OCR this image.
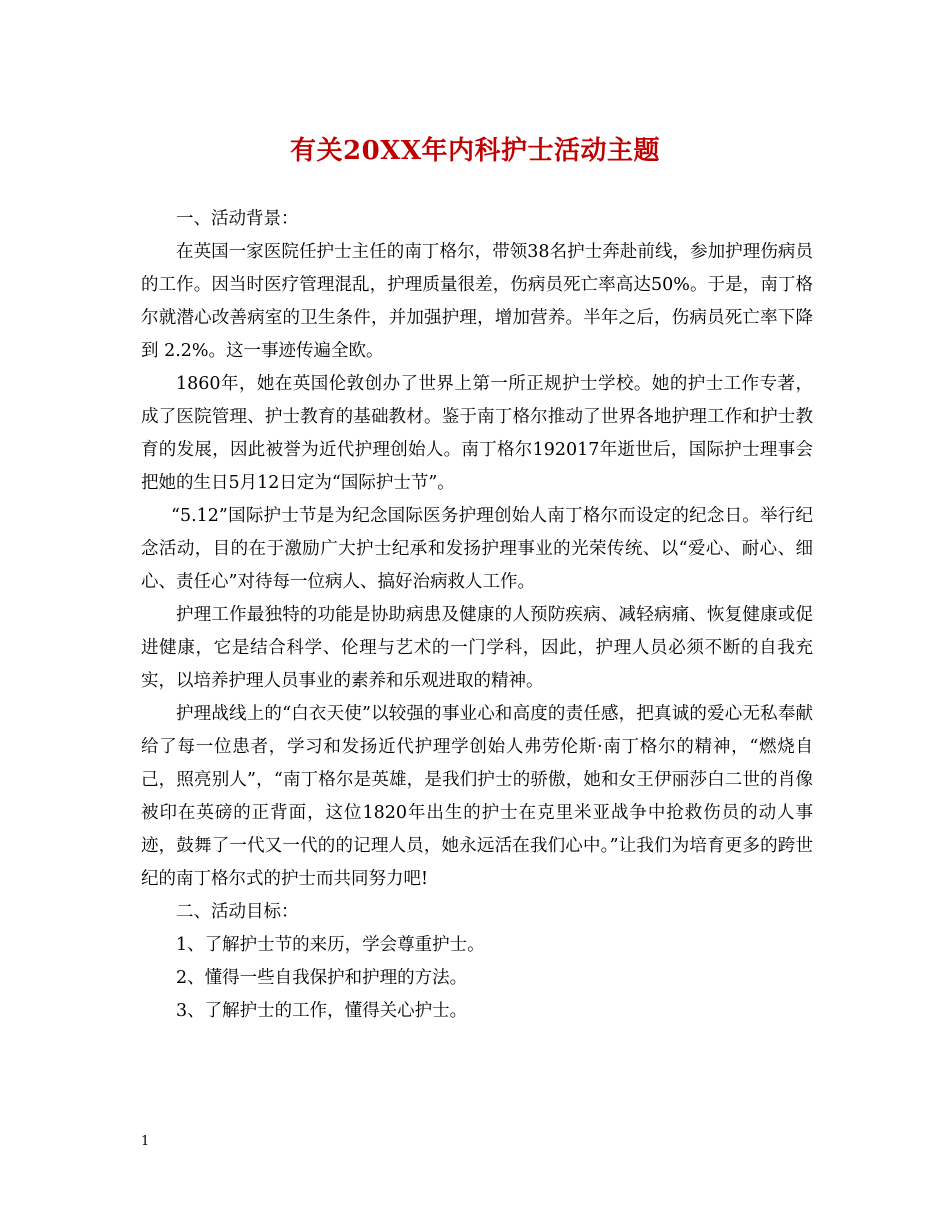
有关20XX年内科护士活动主题

一、活动背景：

在英国一家医院任护士主任的南丁格尔，带领38名护士奔赴前线，参加护理伤病员的工作。因当时医疗管理混乱，护理质量很差，伤病员死亡率高达50%。于是，南丁格尔就潜心改善病室的卫生条件，并加强护理，增加营养。半年之后，伤病员死亡率下降到 2.2%。这一事迹传遍全欧。

1860年，她在英国伦敦创办了世界上第一所正规护士学校。她的护士工作专著，成了医院管理、护士教育的基础教材。鉴于南丁格尔推动了世界各地护理工作和护士教育的发展，因此被誉为近代护理创始人。南丁格尔192017年逝世后，国际护士理事会把她的生日5月12日定为“国际护士节”。

“5.12”国际护士节是为纪念国际医务护理创始人南丁格尔而设定的纪念日。举行纪念活动，目的在于激励广大护士纪承和发扬护理事业的光荣传统、以“爱心、耐心、细心、责任心”对待每一位病人、搞好治病救人工作。

护理工作最独特的功能是协助病患及健康的人预防疾病、减轻病痛、恢复健康或促进健康，它是结合科学、伦理与艺术的一门学科，因此，护理人员必须不断的自我充实，以培养护理人员事业的素养和乐观进取的精神。

护理战线上的“白衣天使”以较强的事业心和高度的责任感，把真诚的爱心无私奉献给了每一位患者，学习和发扬近代护理学创始人弗劳伦斯·南丁格尔的精神，“燃烧自己，照亮别人”，“南丁格尔是英雄，是我们护士的骄傲，她和女王伊丽莎白二世的肖像被印在英磅的正背面，这位1820年出生的护士在克里米亚战争中抢救伤员的动人事迹，鼓舞了一代又一代的的记理人员，她永远活在我们心中。”让我们为培育更多的跨世纪的南丁格尔式的护士而共同努力吧!

二、活动目标：

1、了解护士节的来历，学会尊重护士。

2、懂得一些自我保护和护理的方法。

3、了解护士的工作，懂得关心护士。

1
